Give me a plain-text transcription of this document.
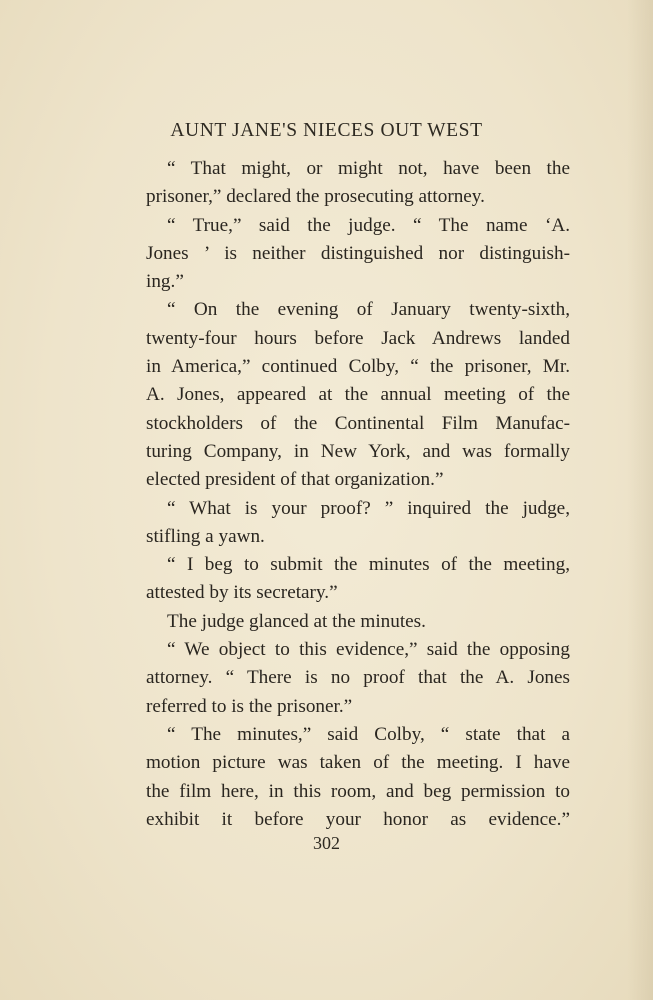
AUNT JANE'S NIECES OUT WEST
“ That might, or might not, have been the
prisoner,” declared the prosecuting attorney.
“ True,” said the judge. “ The name ‘A.
Jones ’ is neither distinguished nor distinguish-
ing.”
“ On the evening of January twenty-sixth,
twenty-four hours before Jack Andrews landed
in America,” continued Colby, “ the prisoner, Mr.
A. Jones, appeared at the annual meeting of the
stockholders of the Continental Film Manufac-
turing Company, in New York, and was formally
elected president of that organization.”
“ What is your proof? ” inquired the judge,
stifling a yawn.
“ I beg to submit the minutes of the meeting,
attested by its secretary.”
The judge glanced at the minutes.
“ We object to this evidence,” said the opposing
attorney. “ There is no proof that the A. Jones
referred to is the prisoner.”
“ The minutes,” said Colby, “ state that a
motion picture was taken of the meeting. I have
the film here, in this room, and beg permission to
exhibit it before your honor as evidence.”
302
